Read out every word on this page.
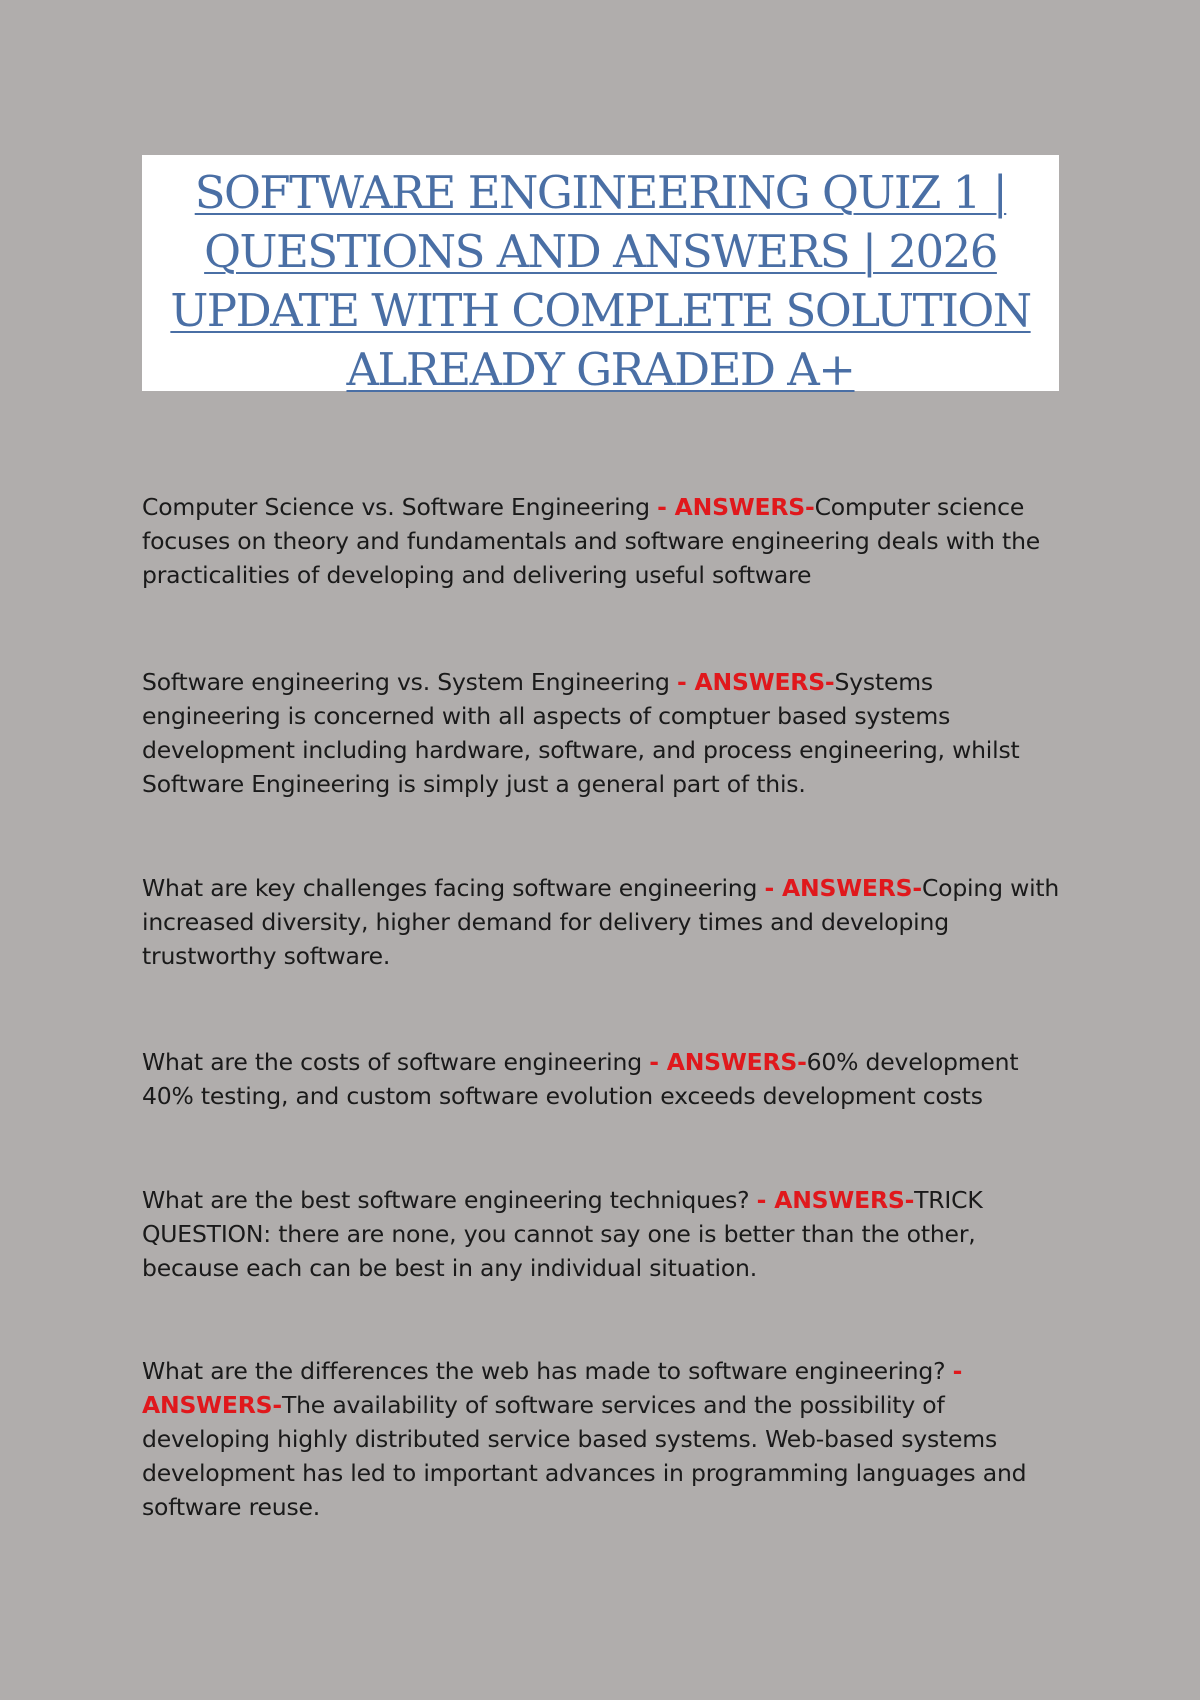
SOFTWARE ENGINEERING QUIZ 1 |
QUESTIONS AND ANSWERS | 2026
UPDATE WITH COMPLETE SOLUTION
ALREADY GRADED A+

Computer Science vs. Software Engineering - ANSWERS-Computer science focuses on theory and fundamentals and software engineering deals with the practicalities of developing and delivering useful software

Software engineering vs. System Engineering - ANSWERS-Systems engineering is concerned with all aspects of comptuer based systems development including hardware, software, and process engineering, whilst Software Engineering is simply just a general part of this.

What are key challenges facing software engineering - ANSWERS-Coping with increased diversity, higher demand for delivery times and developing trustworthy software.

What are the costs of software engineering - ANSWERS-60% development 40% testing, and custom software evolution exceeds development costs

What are the best software engineering techniques? - ANSWERS-TRICK QUESTION: there are none, you cannot say one is better than the other, because each can be best in any individual situation.

What are the differences the web has made to software engineering? - ANSWERS-The availability of software services and the possibility of developing highly distributed service based systems. Web-based systems development has led to important advances in programming languages and software reuse.
